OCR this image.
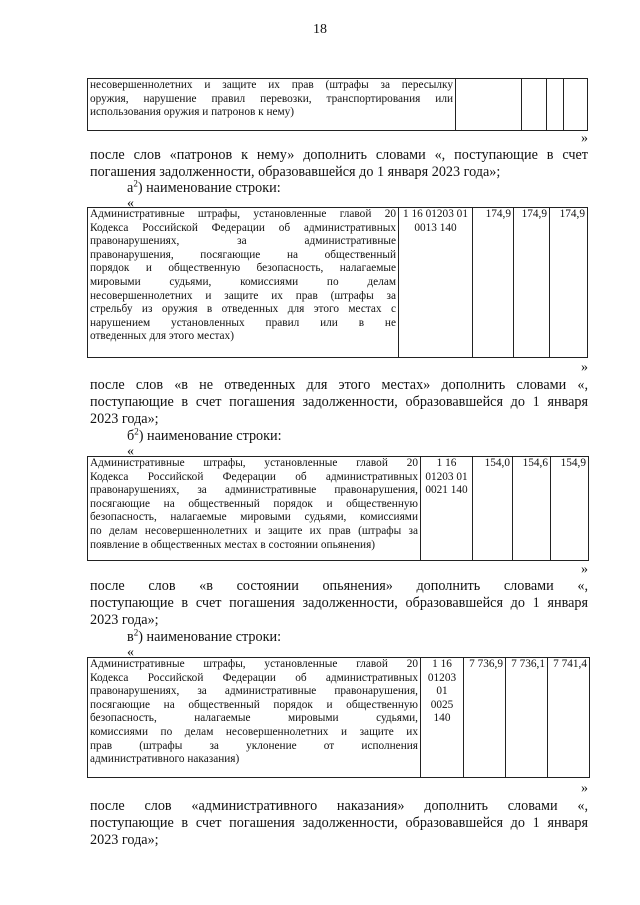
18
несовершеннолетних и защите их прав (штрафы за пересылку
оружия, нарушение правил перевозки, транспортирования или
использования оружия и патронов к нему)

»
после слов «патронов к нему» дополнить словами «, поступающие в счет
погашения задолженности, образовавшейся до 1 января 2023 года»;
$а^2$) наименование строки:
«
Административные штрафы, установленные главой 20
Кодекса Российской Федерации об административных
правонарушениях, за административные
правонарушения, посягающие на общественный
порядок и общественную безопасность, налагаемые
мировыми судьями, комиссиями по делам
несовершеннолетних и защите их прав (штрафы за
стрельбу из оружия в отведенных для этого местах с
нарушением установленных правил или в не
отведенных для этого местах)

1 16 01203 01
0013 140
	174,9	174,9	174,9
»
после слов «в не отведенных для этого местах» дополнить словами «,
поступающие в счет погашения задолженности, образовавшейся до 1 января
2023 года»;
$б^2$) наименование строки:
«
Административные штрафы, установленные главой 20
Кодекса Российской Федерации об административных
правонарушениях, за административные правонарушения,
посягающие на общественный порядок и общественную
безопасность, налагаемые мировыми судьями, комиссиями
по делам несовершеннолетних и защите их прав (штрафы за
появление в общественных местах в состоянии опьянения)

1 16
01203 01
0021 140
	154,0	154,6	154,9
»
после слов «в состоянии опьянения» дополнить словами «,
поступающие в счет погашения задолженности, образовавшейся до 1 января
2023 года»;
$в^2$) наименование строки:
«
Административные штрафы, установленные главой 20
Кодекса Российской Федерации об административных
правонарушениях, за административные правонарушения,
посягающие на общественный порядок и общественную
безопасность, налагаемые мировыми судьями,
комиссиями по делам несовершеннолетних и защите их
прав (штрафы за уклонение от исполнения
административного наказания)

1 16
01203
01
0025
140
	7 736,9	7 736,1	7 741,4
»
после слов «административного наказания» дополнить словами «,
поступающие в счет погашения задолженности, образовавшейся до 1 января
2023 года»;
